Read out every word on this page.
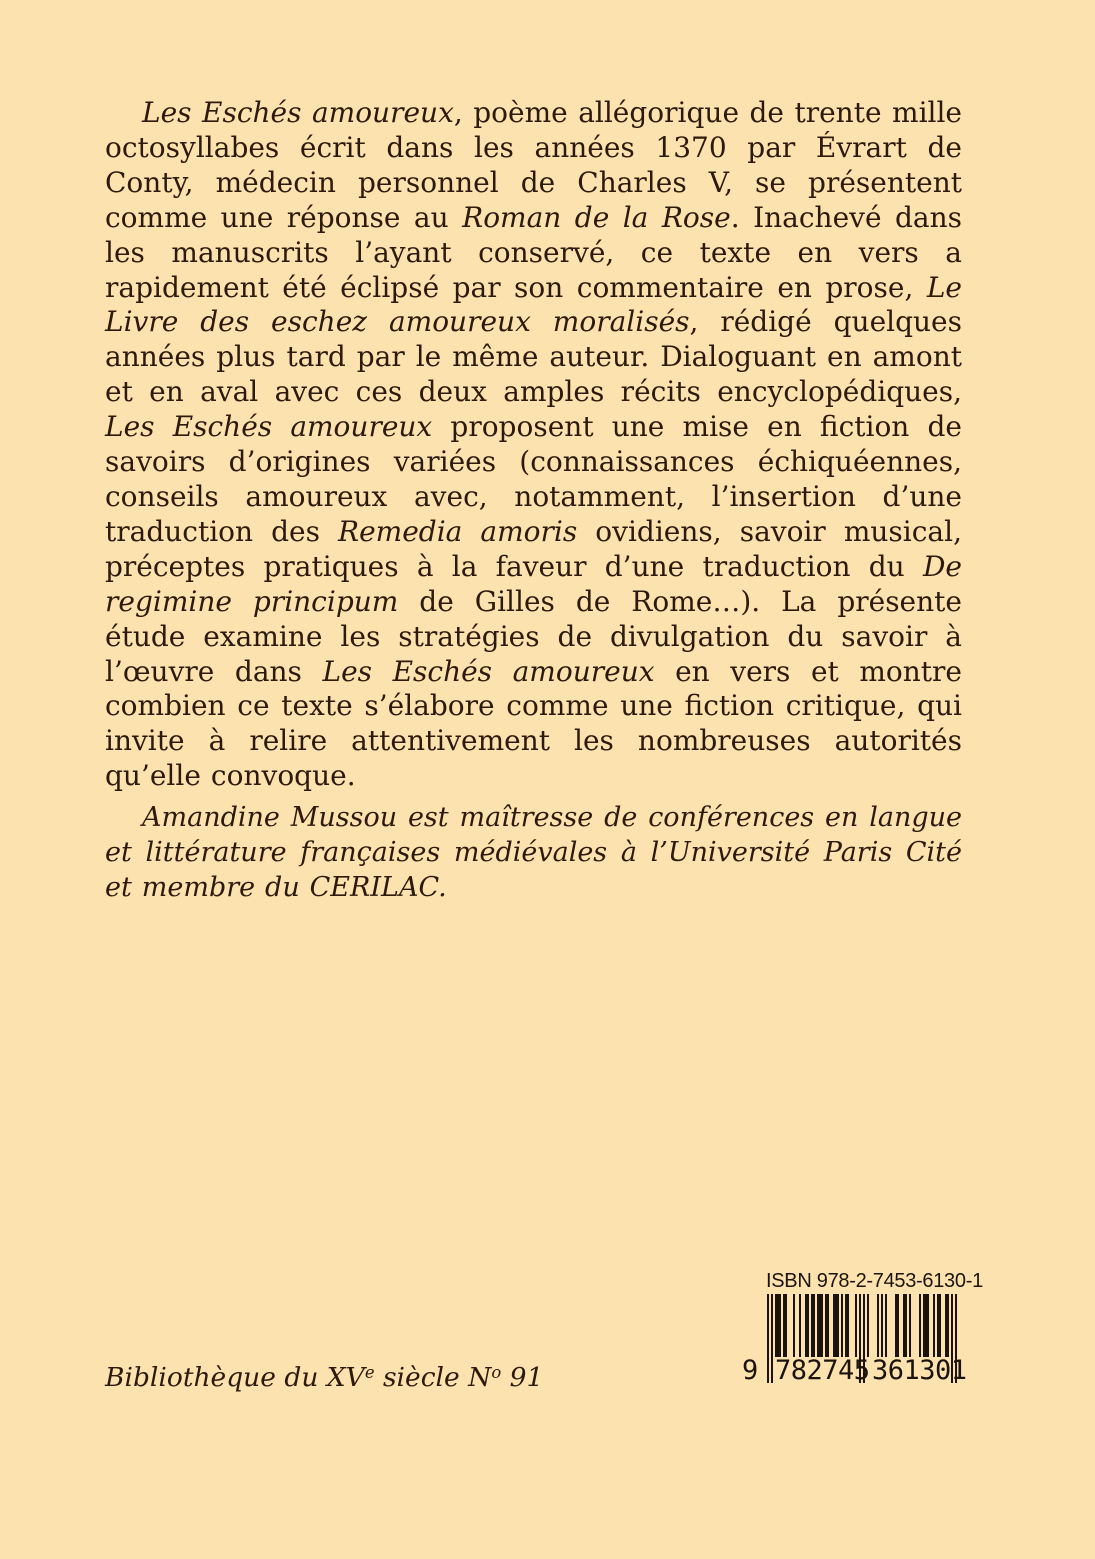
Les Eschés amoureux, poème allégorique de trente mille octosyllabes écrit dans les années 1370 par Évrart de Conty, médecin personnel de Charles V, se présentent comme une réponse au Roman de la Rose. Inachevé dans les manuscrits l’ayant conservé, ce texte en vers a rapidement été éclipsé par son commentaire en prose, Le Livre des eschez amoureux moralisés, rédigé quelques années plus tard par le même auteur. Dialoguant en amont et en aval avec ces deux amples récits encyclopédiques, Les Eschés amoureux proposent une mise en fiction de savoirs d’origines variées (connaissances échiquéennes, conseils amoureux avec, notamment, l’insertion d’une traduction des Remedia amoris ovidiens, savoir musical, préceptes pratiques à la faveur d’une traduction du De regimine principum de Gilles de Rome…). La présente étude examine les stratégies de divulgation du savoir à l’œuvre dans Les Eschés amoureux en vers et montre combien ce texte s’élabore comme une fiction critique, qui invite à relire attentivement les nombreuses autorités qu’elle convoque.

Amandine Mussou est maîtresse de conférences en langue et littérature françaises médiévales à l’Université Paris Cité et membre du CERILAC.

Bibliothèque du XVe siècle $N^o$ 91
ISBN 978-2-7453-6130-1
9 782745 361301
